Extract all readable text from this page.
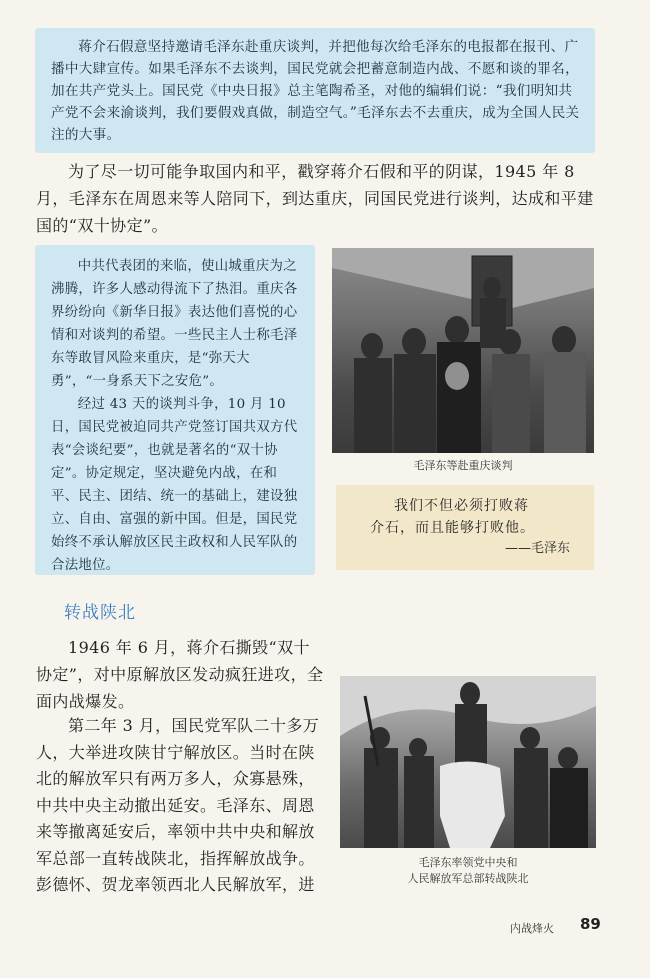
蒋介石假意坚持邀请毛泽东赴重庆谈判，并把他每次给毛泽东的电报都在报刊、广播中大肆宣传。如果毛泽东不去谈判，国民党就会把蓄意制造内战、不愿和谈的罪名，加在共产党头上。国民党《中央日报》总主笔陶希圣，对他的编辑们说：“我们明知共产党不会来渝谈判，我们要假戏真做，制造空气。”毛泽东去不去重庆，成为全国人民关注的大事。

为了尽一切可能争取国内和平，戳穿蒋介石假和平的阴谋，1945 年 8 月，毛泽东在周恩来等人陪同下，到达重庆，同国民党进行谈判，达成和平建国的“双十协定”。

中共代表团的来临，使山城重庆为之沸腾，许多人感动得流下了热泪。重庆各界纷纷向《新华日报》表达他们喜悦的心情和对谈判的希望。一些民主人士称毛泽东等敢冒风险来重庆，是“弥天大勇”，“一身系天下之安危”。

经过 43 天的谈判斗争，10 月 10 日，国民党被迫同共产党签订国共双方代表“会谈纪要”，也就是著名的“双十协定”。协定规定，坚决避免内战，在和平、民主、团结、统一的基础上，建设独立、自由、富强的新中国。但是，国民党始终不承认解放区民主政权和人民军队的合法地位。

毛泽东等赴重庆谈判
我们不但必须打败蒋
介石，而且能够打败他。
——毛泽东
转战陕北

1946 年 6 月，蒋介石撕毁“双十协定”，对中原解放区发动疯狂进攻，全面内战爆发。

第二年 3 月，国民党军队二十多万人，大举进攻陕甘宁解放区。当时在陕北的解放军只有两万多人，众寡悬殊，中共中央主动撤出延安。毛泽东、周恩来等撤离延安后，率领中共中央和解放军总部一直转战陕北，指挥解放战争。彭德怀、贺龙率领西北人民解放军，进

毛泽东率领党中央和
人民解放军总部转战陕北
内战烽火 89
